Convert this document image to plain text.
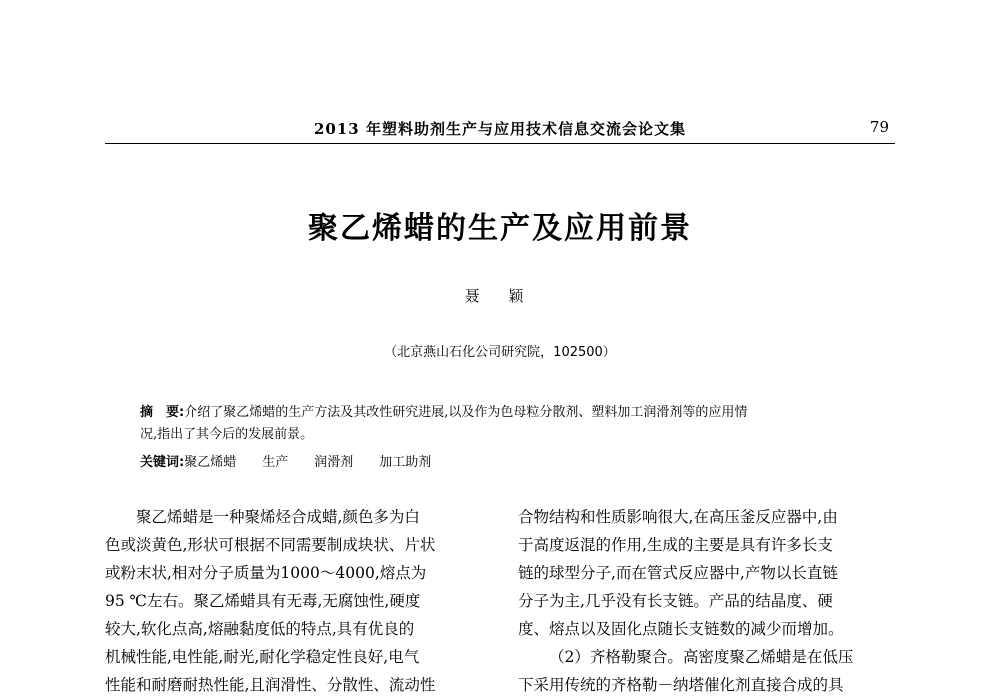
2013 年塑料助剂生产与应用技术信息交流会论文集	79
聚乙烯蜡的生产及应用前景
聂 颖
（北京燕山石化公司研究院，102500）
摘　要:介绍了聚乙烯蜡的生产方法及其改性研究进展,以及作为色母粒分散剂、塑料加工润滑剂等的应用情
况,指出了其今后的发展前景。
关键词:聚乙烯蜡　　生产　　润滑剂　　加工助剂
聚乙烯蜡是一种聚烯烃合成蜡,颜色多为白
色或淡黄色,形状可根据不同需要制成块状、片状
或粉末状,相对分子质量为1000～4000,熔点为
95 ℃左右。聚乙烯蜡具有无毒,无腐蚀性,硬度
较大,软化点高,熔融黏度低的特点,具有优良的
机械性能,电性能,耐光,耐化学稳定性良好,电气
性能和耐磨耐热性能,且润滑性、分散性、流动性
合物结构和性质影响很大,在高压釜反应器中,由
于高度返混的作用,生成的主要是具有许多长支
链的球型分子,而在管式反应器中,产物以长直链
分子为主,几乎没有长支链。产品的结晶度、硬
度、熔点以及固化点随长支链数的减少而增加。
（2）齐格勒聚合。高密度聚乙烯蜡是在低压
下采用传统的齐格勒－纳塔催化剂直接合成的具
